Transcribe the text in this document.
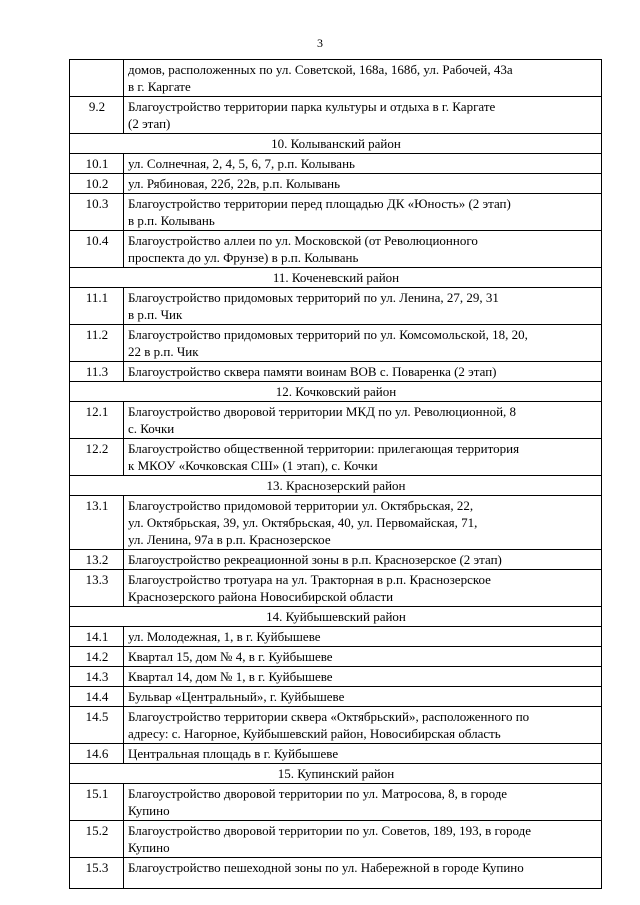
3

	домов, расположенных по ул. Советской, 168а, 168б, ул. Рабочей, 43а
в г. Каргате

9.2	Благоустройство территории парка культуры и отдыха в г. Каргате
(2 этап)

10. Колыванский район	
10.1	ул. Солнечная, 2, 4, 5, 6, 7, р.п. Колывань

10.2	ул. Рябиновая, 22б, 22в, р.п. Колывань

10.3	Благоустройство территории перед площадью ДК «Юность» (2 этап)
в р.п. Колывань

10.4	Благоустройство аллеи по ул. Московской (от Революционного
проспекта до ул. Фрунзе) в р.п. Колывань

11. Коченевский район	
11.1	Благоустройство придомовых территорий по ул. Ленина, 27, 29, 31
в р.п. Чик

11.2	Благоустройство придомовых территорий по ул. Комсомольской, 18, 20,
22 в р.п. Чик

11.3	Благоустройство сквера памяти воинам ВОВ с. Поваренка (2 этап)

12. Кочковский район	
12.1	Благоустройство дворовой территории МКД по ул. Революционной, 8
с. Кочки

12.2	Благоустройство общественной территории: прилегающая территория
к МКОУ «Кочковская СШ» (1 этап), с. Кочки

13. Краснозерский район	
13.1	Благоустройство придомовой территории ул. Октябрьская, 22,
ул. Октябрьская, 39, ул. Октябрьская, 40, ул. Первомайская, 71,
ул. Ленина, 97а в р.п. Краснозерское

13.2	Благоустройство рекреационной зоны в р.п. Краснозерское (2 этап)

13.3	Благоустройство тротуара на ул. Тракторная в р.п. Краснозерское
Краснозерского района Новосибирской области

14. Куйбышевский район	
14.1	ул. Молодежная, 1, в г. Куйбышеве

14.2	Квартал 15, дом № 4, в г. Куйбышеве

14.3	Квартал 14, дом № 1, в г. Куйбышеве

14.4	Бульвар «Центральный», г. Куйбышеве

14.5	Благоустройство территории сквера «Октябрьский», расположенного по
адресу: с. Нагорное, Куйбышевский район, Новосибирская область

14.6	Центральная площадь в г. Куйбышеве

15. Купинский район	
15.1	Благоустройство дворовой территории по ул. Матросова, 8, в городе
Купино

15.2	Благоустройство дворовой территории по ул. Советов, 189, 193, в городе
Купино

15.3	Благоустройство пешеходной зоны по ул. Набережной в городе Купино
